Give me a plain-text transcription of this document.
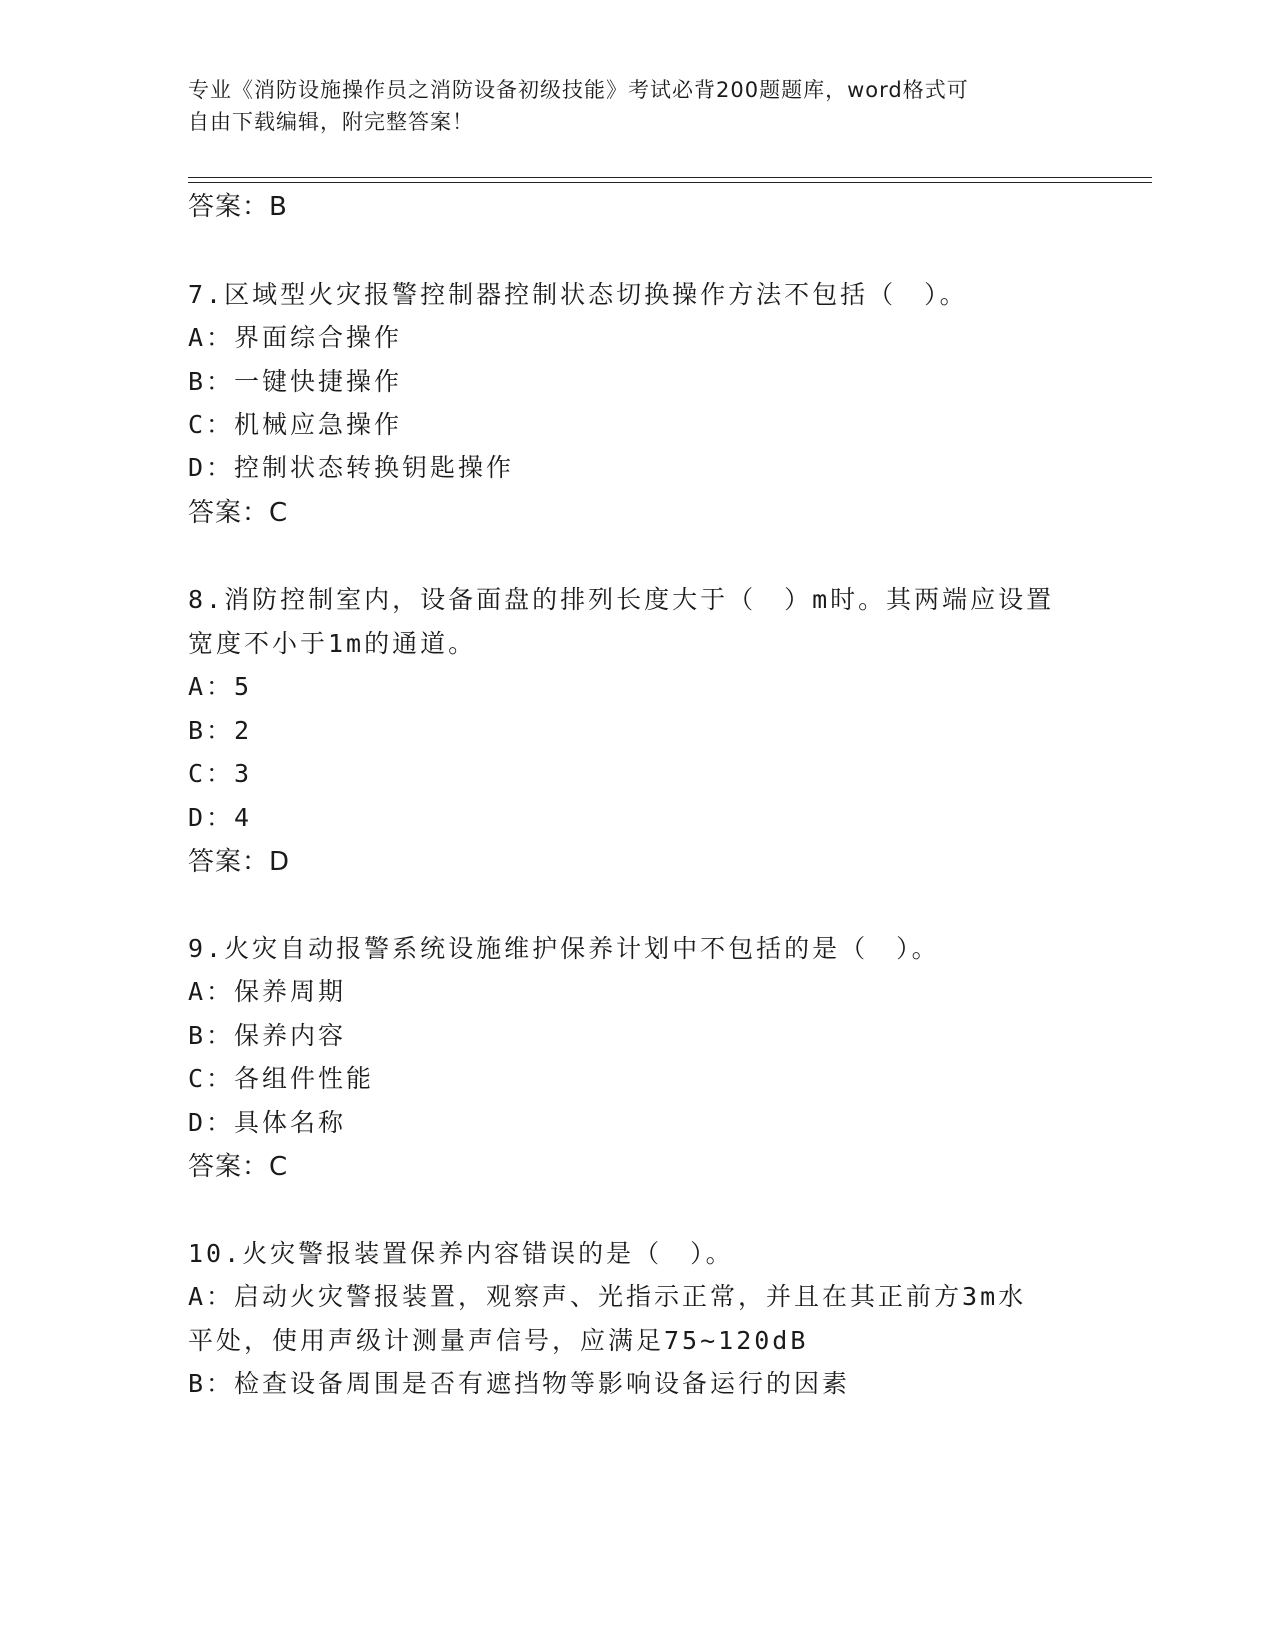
专业《消防设施操作员之消防设备初级技能》考试必背200题题库，word格式可
自由下载编辑，附完整答案！
答案：B
7.区域型火灾报警控制器控制状态切换操作方法不包括（　）。
A：界面综合操作
B：一键快捷操作
C：机械应急操作
D：控制状态转换钥匙操作
答案：C
8.消防控制室内，设备面盘的排列长度大于（　）m时。其两端应设置
宽度不小于1m的通道。
A：5
B：2
C：3
D：4
答案：D
9.火灾自动报警系统设施维护保养计划中不包括的是（　）。
A：保养周期
B：保养内容
C：各组件性能
D：具体名称
答案：C
10.火灾警报装置保养内容错误的是（　）。
A：启动火灾警报装置，观察声、光指示正常，并且在其正前方3m水
平处，使用声级计测量声信号，应满足75~120dB
B：检查设备周围是否有遮挡物等影响设备运行的因素
